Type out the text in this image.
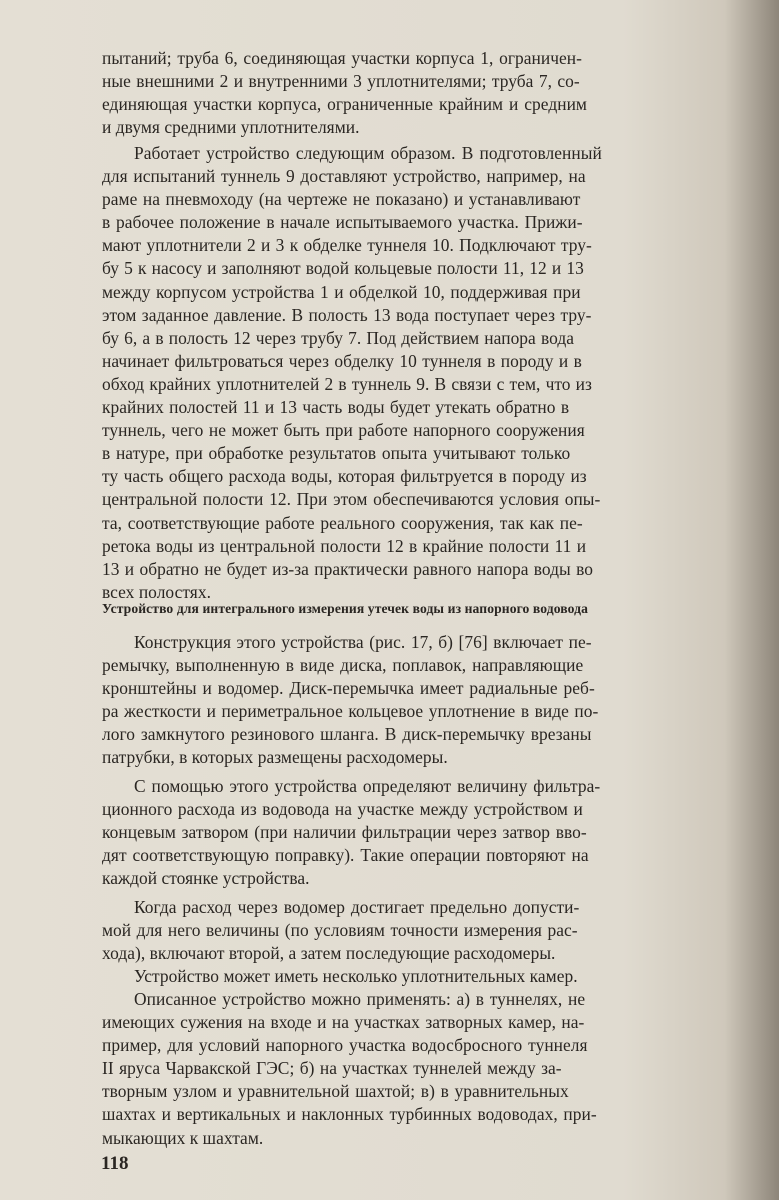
пытаний; труба 6, соединяющая участки корпуса 1, ограничен-
ные внешними 2 и внутренними 3 уплотнителями; труба 7, со-
единяющая участки корпуса, ограниченные крайним и средним
и двумя средними уплотнителями.
Работает устройство следующим образом. В подготовленный
для испытаний туннель 9 доставляют устройство, например, на
раме на пневмоходу (на чертеже не показано) и устанавливают
в рабочее положение в начале испытываемого участка. Прижи-
мают уплотнители 2 и 3 к обделке туннеля 10. Подключают тру-
бу 5 к насосу и заполняют водой кольцевые полости 11, 12 и 13
между корпусом устройства 1 и обделкой 10, поддерживая при
этом заданное давление. В полость 13 вода поступает через тру-
бу 6, а в полость 12 через трубу 7. Под действием напора вода
начинает фильтроваться через обделку 10 туннеля в породу и в
обход крайних уплотнителей 2 в туннель 9. В связи с тем, что из
крайних полостей 11 и 13 часть воды будет утекать обратно в
туннель, чего не может быть при работе напорного сооружения
в натуре, при обработке результатов опыта учитывают только
ту часть общего расхода воды, которая фильтруется в породу из
центральной полости 12. При этом обеспечиваются условия опы-
та, соответствующие работе реального сооружения, так как пе-
ретока воды из центральной полости 12 в крайние полости 11 и
13 и обратно не будет из-за практически равного напора воды во
всех полостях.
Устройство для интегрального измерения утечек воды из напорного водовода
Конструкция этого устройства (рис. 17, б) [76] включает пе-
ремычку, выполненную в виде диска, поплавок, направляющие
кронштейны и водомер. Диск-перемычка имеет радиальные реб-
ра жесткости и периметральное кольцевое уплотнение в виде по-
лого замкнутого резинового шланга. В диск-перемычку врезаны
патрубки, в которых размещены расходомеры.
С помощью этого устройства определяют величину фильтра-
ционного расхода из водовода на участке между устройством и
концевым затвором (при наличии фильтрации через затвор вво-
дят соответствующую поправку). Такие операции повторяют на
каждой стоянке устройства.
Когда расход через водомер достигает предельно допусти-
мой для него величины (по условиям точности измерения рас-
хода), включают второй, а затем последующие расходомеры.
Устройство может иметь несколько уплотнительных камер.
Описанное устройство можно применять: а) в туннелях, не
имеющих сужения на входе и на участках затворных камер, на-
пример, для условий напорного участка водосбросного туннеля
II яруса Чарвакской ГЭС; б) на участках туннелей между за-
творным узлом и уравнительной шахтой; в) в уравнительных
шахтах и вертикальных и наклонных турбинных водоводах, при-
мыкающих к шахтам.
118
